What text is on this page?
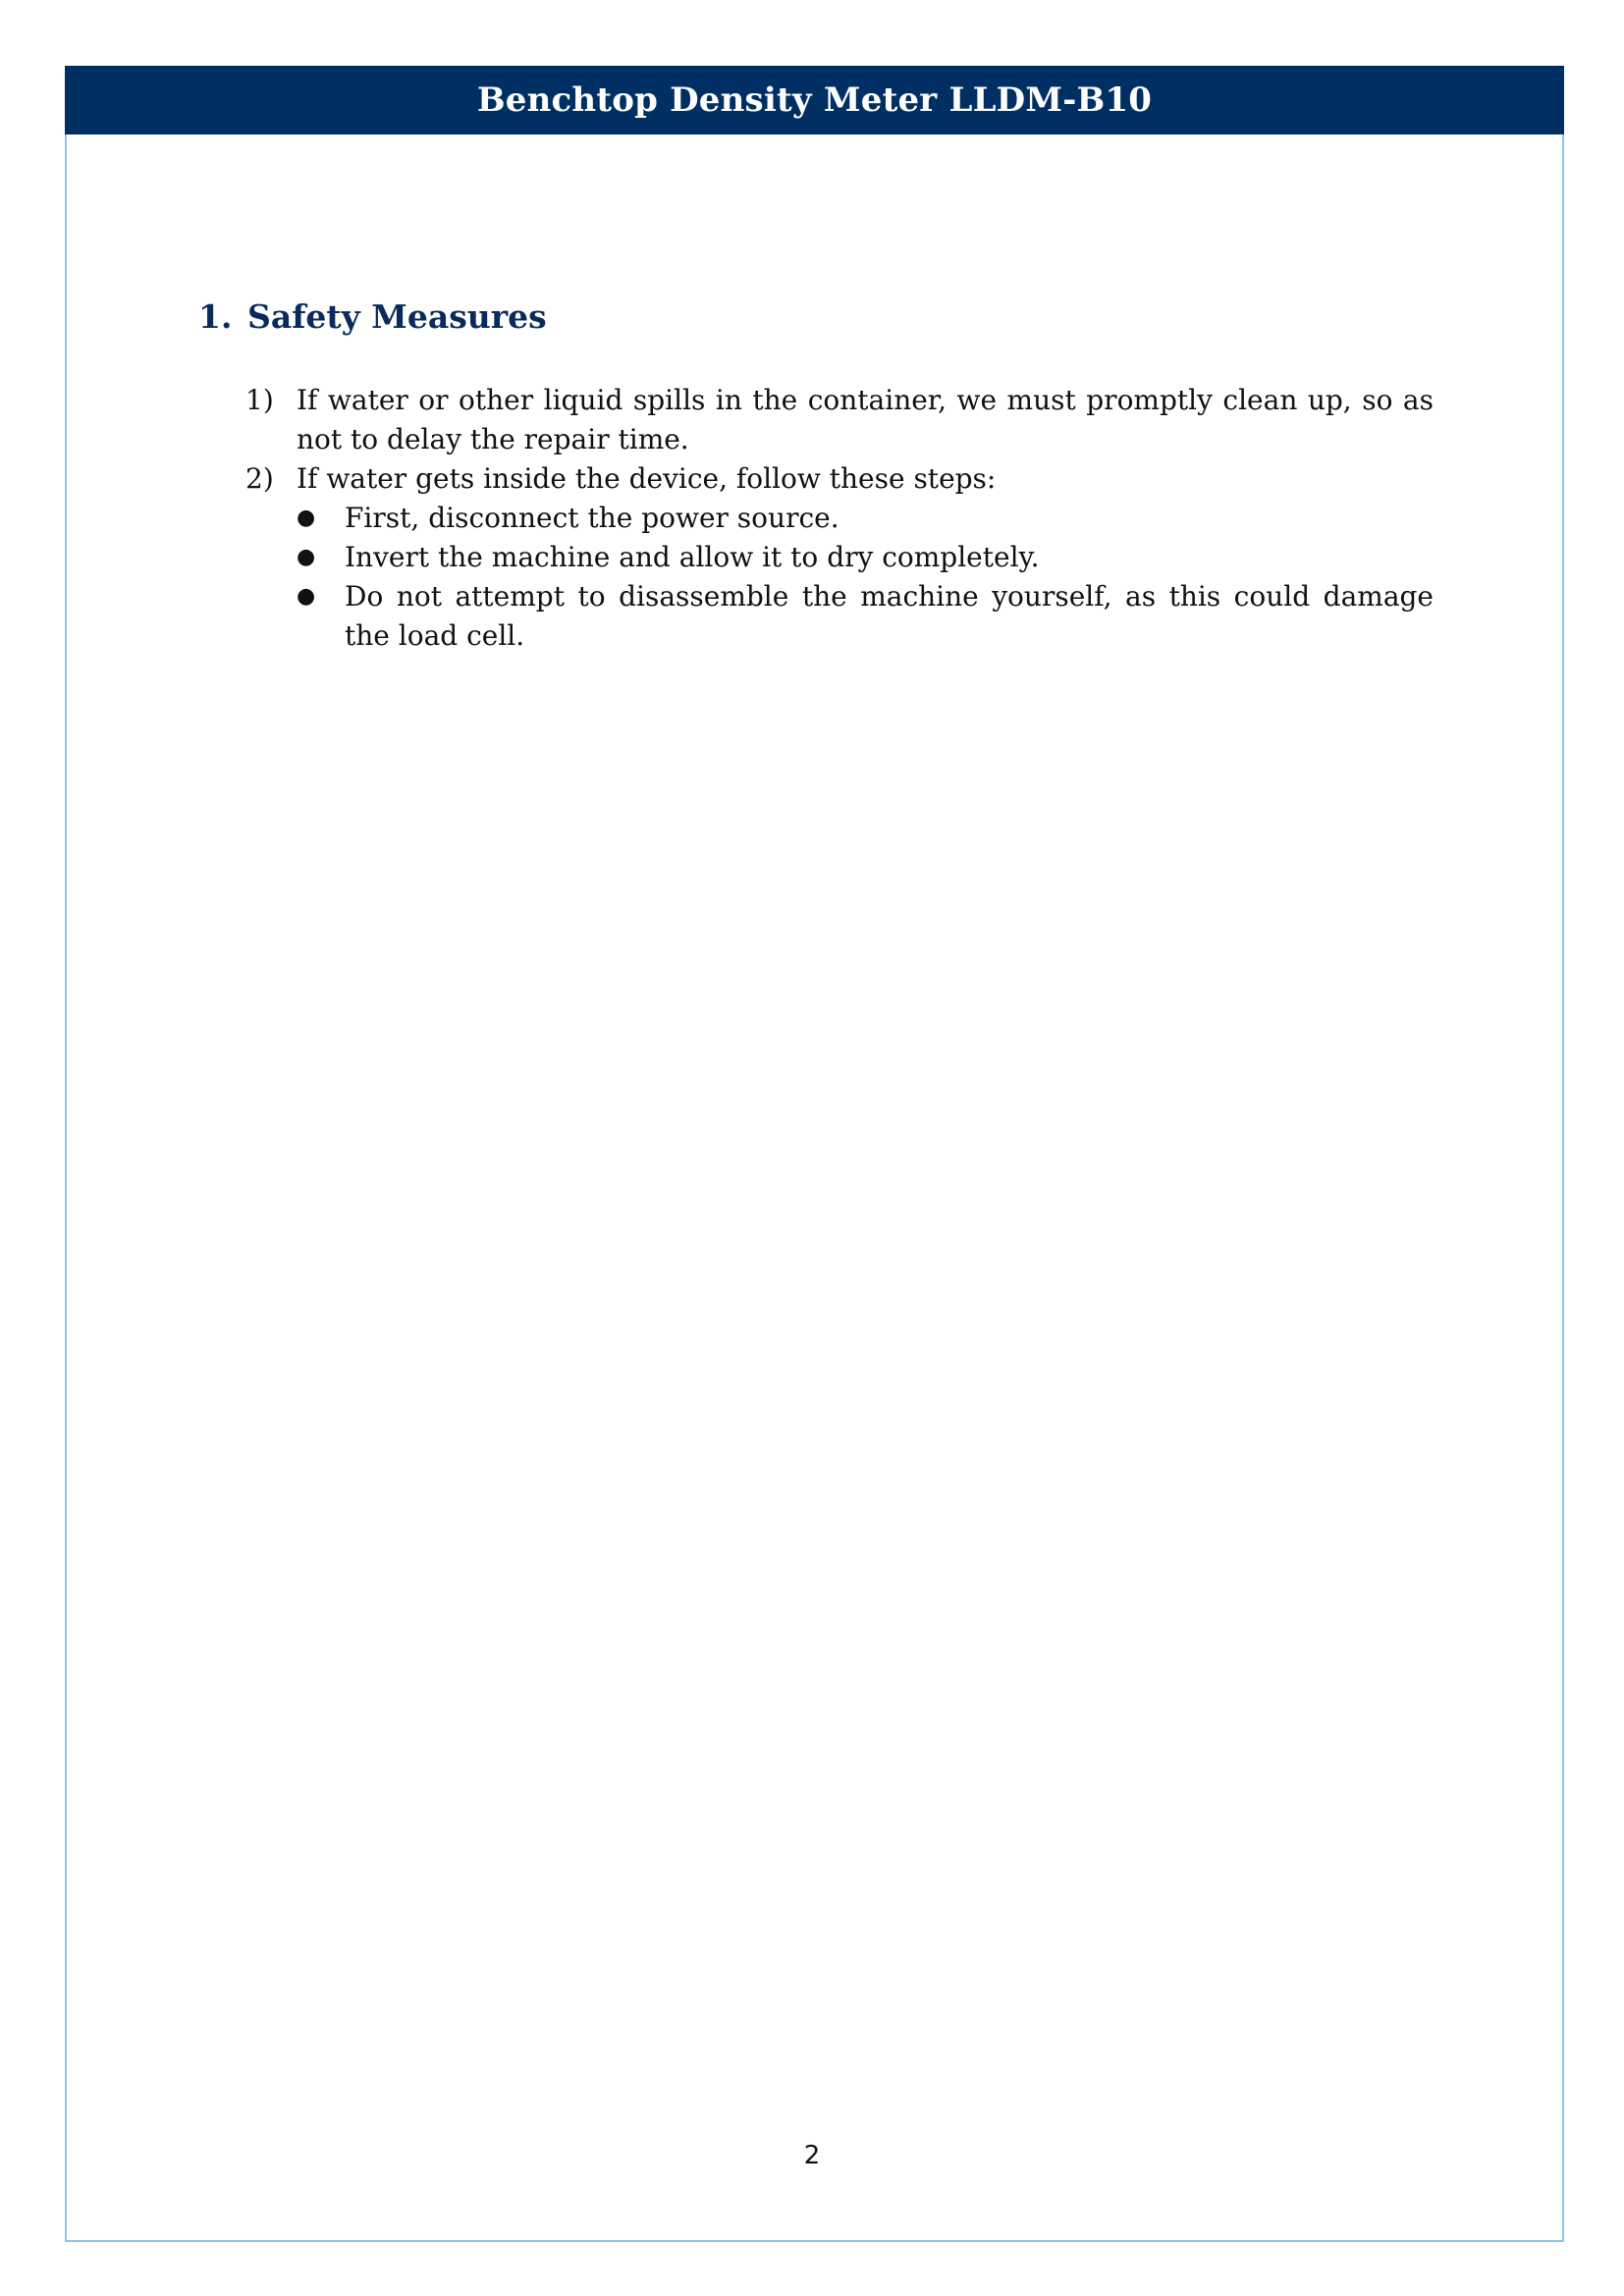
Benchtop Density Meter LLDM-B10
1. Safety Measures
1) If water or other liquid spills in the container, we must promptly clean up, so as not to delay the repair time.
2) If water gets inside the device, follow these steps:
●	First, disconnect the power source.
●	Invert the machine and allow it to dry completely.
●	Do not attempt to disassemble the machine yourself, as this could damage the load cell.
2
